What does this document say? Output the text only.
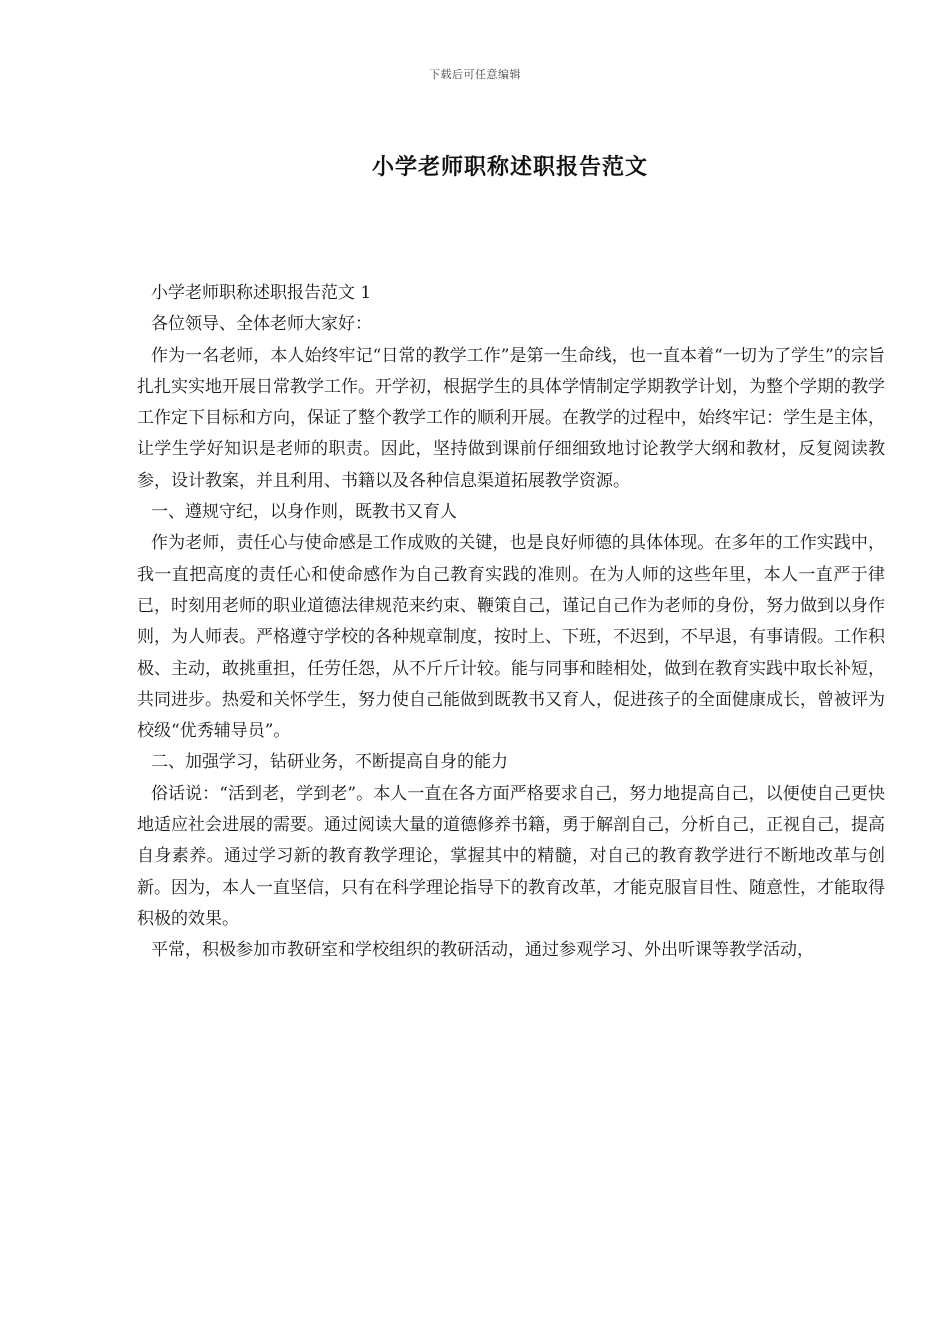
下载后可任意编辑
小学老师职称述职报告范文

小学老师职称述职报告范文 1

各位领导、全体老师大家好：

作为一名老师，本人始终牢记“日常的教学工作”是第一生命线，也一直本着“一切为了学生”的宗旨扎扎实实地开展日常教学工作。开学初，根据学生的具体学情制定学期教学计划，为整个学期的教学工作定下目标和方向，保证了整个教学工作的顺利开展。在教学的过程中，始终牢记：学生是主体，让学生学好知识是老师的职责。因此，坚持做到课前仔细细致地讨论教学大纲和教材，反复阅读教参，设计教案，并且利用、书籍以及各种信息渠道拓展教学资源。

一、遵规守纪，以身作则，既教书又育人

作为老师，责任心与使命感是工作成败的关键，也是良好师德的具体体现。在多年的工作实践中，我一直把高度的责任心和使命感作为自己教育实践的准则。在为人师的这些年里，本人一直严于律已，时刻用老师的职业道德法律规范来约束、鞭策自己，谨记自己作为老师的身份，努力做到以身作则，为人师表。严格遵守学校的各种规章制度，按时上、下班，不迟到，不早退，有事请假。工作积极、主动，敢挑重担，任劳任怨，从不斤斤计较。能与同事和睦相处，做到在教育实践中取长补短，共同进步。热爱和关怀学生，努力使自己能做到既教书又育人，促进孩子的全面健康成长，曾被评为校级“优秀辅导员”。

二、加强学习，钻研业务，不断提高自身的能力

俗话说：“活到老，学到老”。本人一直在各方面严格要求自己，努力地提高自己，以便使自己更快地适应社会进展的需要。通过阅读大量的道德修养书籍，勇于解剖自己，分析自己，正视自己，提高自身素养。通过学习新的教育教学理论，掌握其中的精髓，对自己的教育教学进行不断地改革与创新。因为，本人一直坚信，只有在科学理论指导下的教育改革，才能克服盲目性、随意性，才能取得积极的效果。

平常，积极参加市教研室和学校组织的教研活动，通过参观学习、外出听课等教学活动，
